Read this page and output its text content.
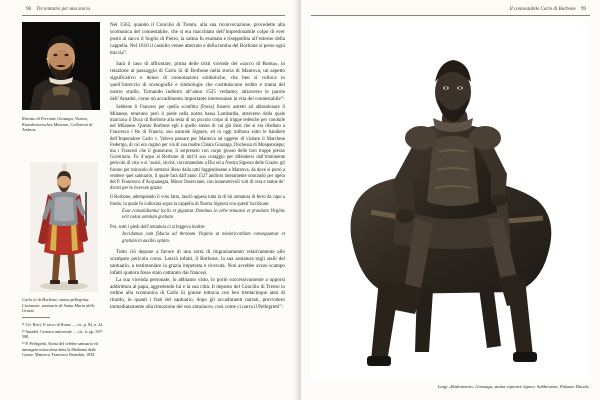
98 Tre tentativi per una storia

Ritratto di Ferrante Gonzaga, Vienna, Kunsthistorisches Museum, Collezioni di Ambras.

Carlo iii di Borbone, statua pellegrina. Curtatone, santuario di Santa Maria delle Grazie.

¹¹ Cfr. Brici, Il sacco di Roma ..., cit., p. 84, n. 24.

¹² Amadei, Cronaca universale ..., cit., ii, pp. 507-508.

¹³ P. Pellegretti, Storia del celebre santuario ed immagine miracolosa detta la Madonna delle Grazie, Mantova, Francesco Benedini, 1839.

Nel 1562, quando il Concilio di Trento, alla sua riconvocazione, procedette alla scomunica del connestabile, che si era macchiato dell’impredonabile colpo di ever posto al sacco il Soglio di Pietro, la salma fu esumata e riseppellita all’esterno della cappella. Nel 1610 il castello venne atterrato e della tomba del Borbone si perse ogni traccia”.

Sarà il caso di affrontare, prima delle tristi vicende del «sacco di Roma», in relazione al passaggio di Carlo iii di Borbone nella storia di Mantova, un aspetto significativo e denso di connotazioni simboliche, che ben si colloca in quell’intreccio di scenografie e simbologie che costituiscono ordito e trama del nostro studio. Tornando indietro all’anno 1525 vediamo, attraverso le parole dell’Amadei, come un accadimento importante interessasse la vita del connestabile”:

Sebbene li Francesi per quella sconfitta [Pavia] fussero astretti ad abbandonare il Milanese, tenevano però il piede nella nostra bassa Lombardia, attraverso della quale marciava il Duca di Borbone alla testa di un piccolo corpo di truppe tedesche per condurle nel Milanese. Questo Borbone egli è quello stesso di cui già dissi che si era ribellato a Francesco i Re di Francia, suo naturale Signore, ed in oggi militava sotto le bandiere dell’Imperadore Carlo v. Voleva passare per Mantova ad oggetto di visitare il Marchese Federigo, di cui era cugino per via di sua madre Chiara Gonzaga, Duchessa di Monpensiери; ma i Francesi che il guatavano, il sorpresero con corpo grosso delle loro truppe presso Governolo. Fu d’uopo al Borbone di tutt’il suo coraggio per difendersi dall’imminente pericolo di vita: e sì ‘assisì, sicché, raccomandato a Dio ed a Nostra Signora delle Grazie, gli furono per miracolo di sottrarsi illeso dalla ratti fuggendosene a Mantova, da dove si portò a rendere quel santuario, il quale farà dall’anno 1527 andiron interamente onorando per opera del P. Francesco d’Acquanegra, Minor Osservante, con innumerevoli voti di cera e statue de’ divoti per le ricevute grazie.

Il Borbone, adempiendo il voto fatto, lasciò appesa tutta la di lui armatura di ferro da capo a fondo, la quale fu collocata sopra la cappella di Nostra Signora con questi’iscrizione:

Esse consolabantur lociis et gigantur Dominus in orbe tenuansi et proutiam Virginis orit cakas omnium gratiam

Poi, sotti i piedi dell’armatura ci si leggeva inoltre:

Accidamus cum fiducia ad thronum Virginis ut misiericordiam consequamur et gratiam in auxilio optato.

Tutto ciò depone a favore di una sorta di ringraziamento relativamente allo scampato pericolo corso. Lasciò infatti, il Borbone, la sua armatura togli stalli del santuario, a testimoniare la grazia impetrata e ricevuta. Non avrebbe avuto scampo infatti qualora fosse stato catturato dai francesi.

La sua vicenda personale, lo abbiamo visto, lo portò successivamente a opporsi addirittura al papa, aggredendo lui e la sua città. Il deposto del Concilio di Trento in ordine alla scomunica di Carlo iii giunse tuttavia con ben trentacinque anni di ritardo, in quanti i frati del santuario, dopo gli accadimenti narrati, provvidero immediatamente alla rimozione del suo simulacro, così come ci narra il Pellegretti”:

Il connestabile Carlo di Borbone 99

Luigi «Rodomonte» Gonzaga, statua equestre lignea. Sabbioneta, Palazzo Ducale.
